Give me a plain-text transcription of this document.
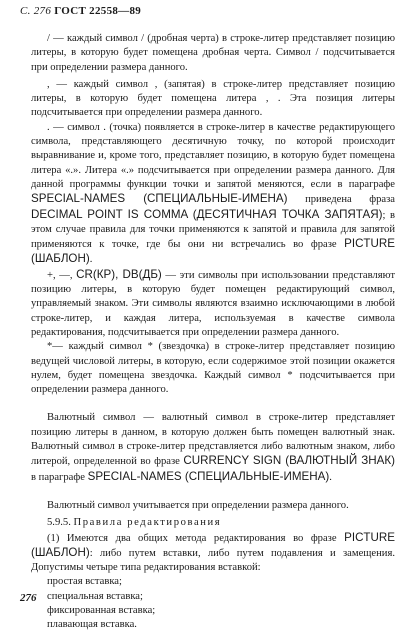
С. 276 ГОСТ 22558—89

/ — каждый символ / (дробная черта) в строке-литер представляет позицию литеры, в которую будет помещена дробная черта. Символ / подсчитывается при определении размера данного.

, — каждый символ , (запятая) в строке-литер представляет позицию литеры, в которую будет помещена литера , . Эта позиция литеры подсчитывается при определении размера данного.

. — символ . (точка) появляется в строке-литер в качестве редактирующего символа, представляющего десятичную точку, по которой происходит выравнивание и, кроме того, представляет позицию, в которую будет помещена литера «.». Литера «.» подсчитывается при определении размера данного. Для данной программы функции точки и запятой меняются, если в параграфе SPECIAL-NAMES (СПЕЦИАЛЬНЫЕ-ИМЕНА) приведена фраза DECIMAL POINT IS COMMA (ДЕСЯТИЧНАЯ ТОЧКА ЗАПЯТАЯ); в этом случае правила для точки применяются к запятой и правила для запятой применяются к точке, где бы они ни встречались во фразе PICTURE (ШАБЛОН).

+, —, CR(КР), DB(ДБ) — эти символы при использовании представляют позицию литеры, в которую будет помещен редактирующий символ, управляемый знаком. Эти символы являются взаимно исключающими в любой строке-литер, и каждая литера, используемая в качестве символа редактирования, подсчитывается при определении размера данного.

*— каждый символ * (звездочка) в строке-литер представляет позицию ведущей числовой литеры, в которую, если содержимое этой позиции окажется нулем, будет помещена звездочка. Каждый символ * подсчитывается при определении размера данного.

Валютный символ — валютный символ в строке-литер представляет позицию литеры в данном, в которую должен быть помещен валютный знак. Валютный символ в строке-литер представляется либо валютным знаком, либо литерой, определенной во фразе CURRENCY SIGN (ВАЛЮТНЫЙ ЗНАК) в параграфе SPECIAL-NAMES (СПЕЦИАЛЬНЫЕ-ИМЕНА).

Валютный символ учитывается при определении размера данного.

5.9.5. Правила редактирования

(1) Имеются два общих метода редактирования во фразе PICTURE (ШАБЛОН): либо путем вставки, либо путем подавления и замещения. Допустимы четыре типа редактирования вставкой:

простая вставка;

специальная вставка;

фиксированная вставка;

плавающая вставка.

276
